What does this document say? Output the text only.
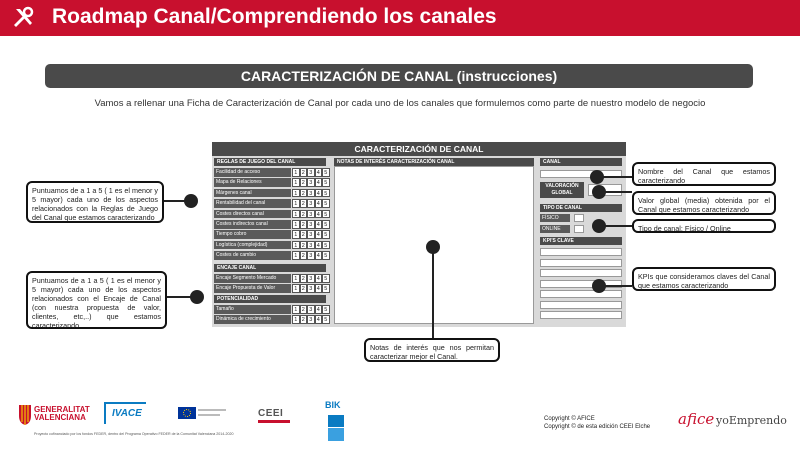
Roadmap Canal/Comprendiendo los canales
CARACTERIZACIÓN DE CANAL (instrucciones)
Vamos a rellenar una Ficha de Caracterización de Canal por cada uno de los canales que formulemos como parte de nuestro modelo de negocio
CARACTERIZACIÓN DE CANAL
REGLAS DE JUEGO DEL CANAL
Facilidad de acceso	1 2 3 4 5
Mapa de Relaciones	1 2 3 4 5
Márgenes canal	1 2 3 4 5
Rentabilidad del canal	1 2 3 4 5
Costes directos canal	1 2 3 4 5
Costes indirectos canal	1 2 3 4 5
Tiempo cobro	1 2 3 4 5
Logística (complejidad)	1 2 3 4 5
Costes de cambio	1 2 3 4 5
Encaje Segmento Mercado	1 2 3 4 5
Encaje Propuesta de Valor	1 2 3 4 5
Tamaño	1 2 3 4 5
Dinámica de crecimiento	1 2 3 4 5
ENCAJE CANAL
POTENCIALIDAD
NOTAS DE INTERÉS CARACTERIZACIÓN CANAL	CANAL
VALORACIÓN GLOBAL
TIPO DE CANAL
FÍSICO
ONLINE
KPI'S CLAVE
Puntuamos de a 1 a 5 ( 1 es el menor y 5 mayor) cada uno de los aspectos relacionados con la Reglas de Juego del Canal que estamos caracterizando
Puntuamos de a 1 a 5 ( 1 es el menor y 5 mayor) cada uno de los aspectos relacionados con el Encaje de Canal (con nuestra propuesta de valor, clientes, etc,..) que estamos caracterizando
Notas de interés que nos permitan caracterizar mejor el Canal.
Nombre del Canal que estamos caracterizando
Valor global (media) obtenida por el Canal que estamos caracterizando
Tipo de canal: Físico / Online
KPIs que consideramos claves del Canal que estamos caracterizando
GENERALITAT VALENCIANA	IVACE	CEEI
BIK
Proyecto cofinanciado por los fondos FEDER, dentro del Programa Operativo FEDER de la Comunitat Valenciana 2014-2020
Copyright © AFICE
Copyright © de esta edición CEEI Elche afice yoEmprendo
